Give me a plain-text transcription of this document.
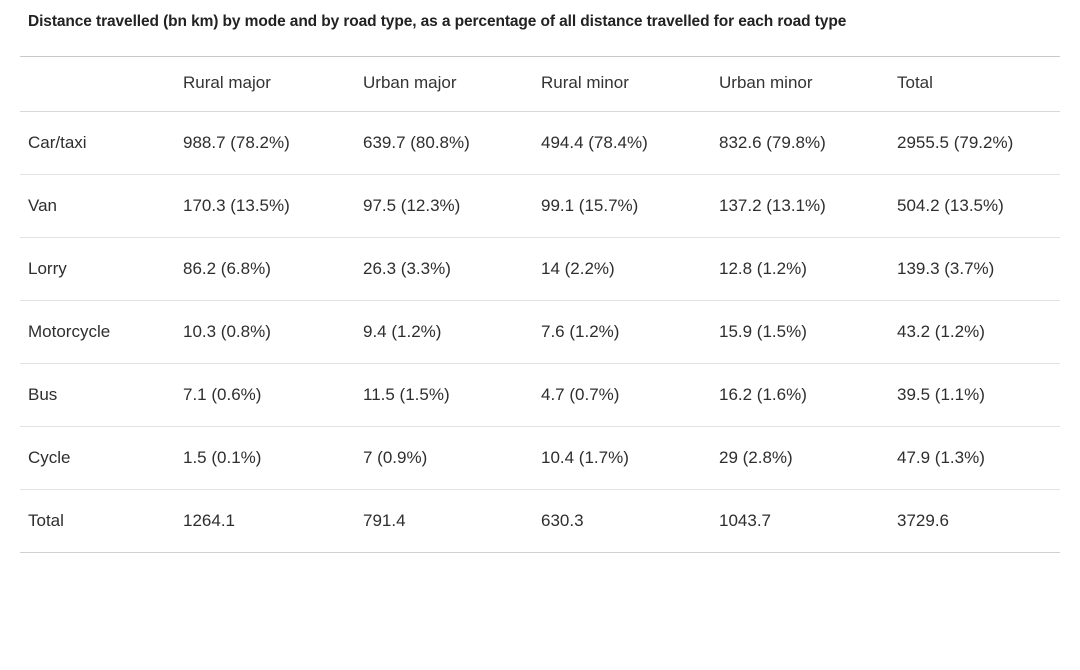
Distance travelled (bn km) by mode and by road type, as a percentage of all distance travelled for each road type
	Rural major	Urban major	Rural minor	Urban minor	Total
Car/taxi	988.7 (78.2%)	639.7 (80.8%)	494.4 (78.4%)	832.6 (79.8%)	2955.5 (79.2%)
Van	170.3 (13.5%)	97.5 (12.3%)	99.1 (15.7%)	137.2 (13.1%)	504.2 (13.5%)
Lorry	86.2 (6.8%)	26.3 (3.3%)	14 (2.2%)	12.8 (1.2%)	139.3 (3.7%)
Motorcycle	10.3 (0.8%)	9.4 (1.2%)	7.6 (1.2%)	15.9 (1.5%)	43.2 (1.2%)
Bus	7.1 (0.6%)	11.5 (1.5%)	4.7 (0.7%)	16.2 (1.6%)	39.5 (1.1%)
Cycle	1.5 (0.1%)	7 (0.9%)	10.4 (1.7%)	29 (2.8%)	47.9 (1.3%)
Total	1264.1	791.4	630.3	1043.7	3729.6
